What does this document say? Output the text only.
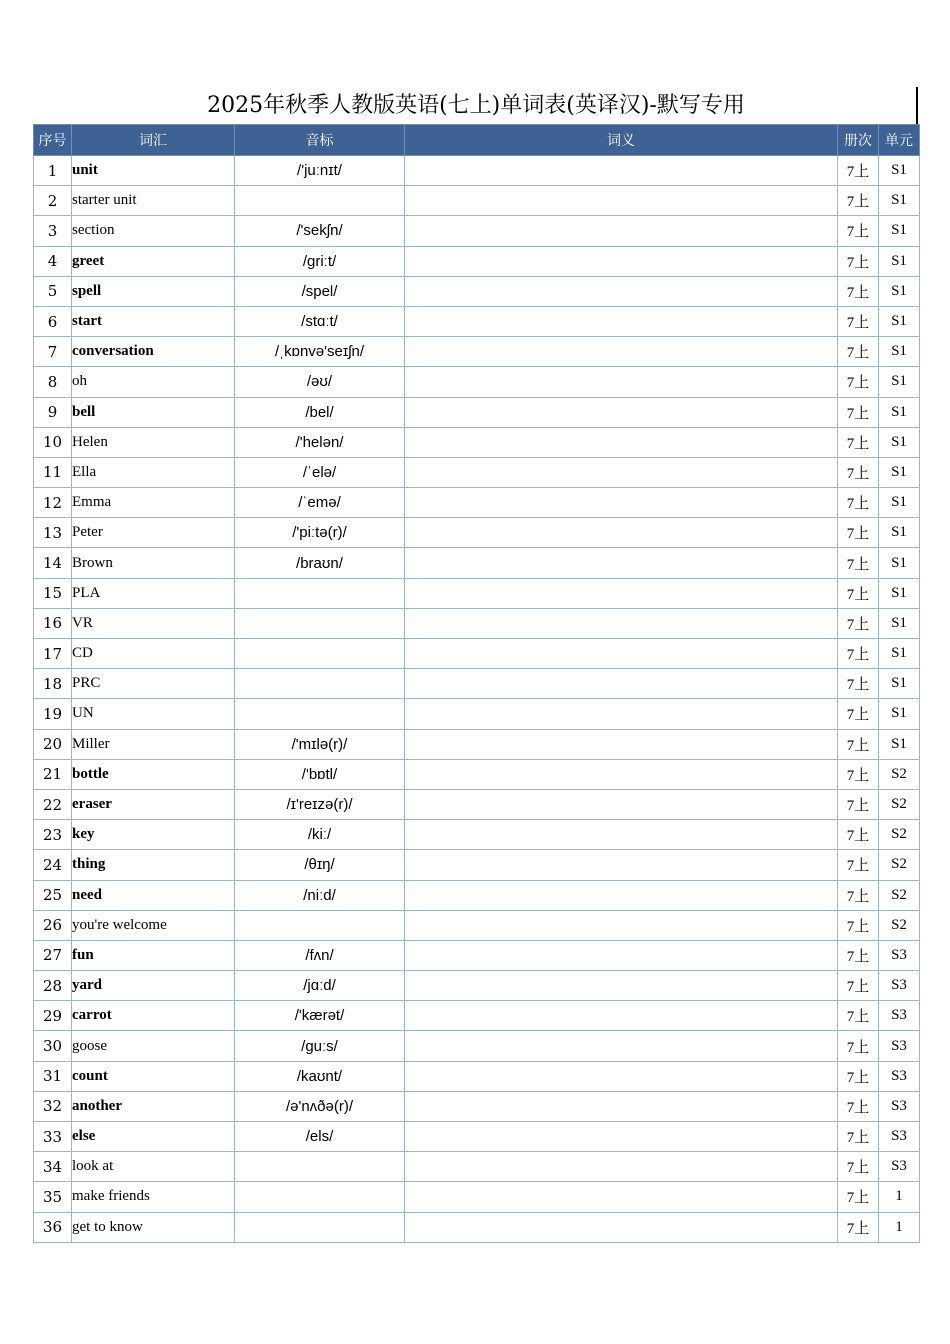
2025年秋季人教版英语(七上)单词表(英译汉)-默写专用
序号	词汇	音标	词义	册次	单元
1	unit	/'juːnɪt/		7上	S1
2	starter unit			7上	S1
3	section	/'sekʃn/		7上	S1
4	greet	/griːt/		7上	S1
5	spell	/spel/		7上	S1
6	start	/stɑːt/		7上	S1
7	conversation	/ˌkɒnvə'seɪʃn/		7上	S1
8	oh	/əʊ/		7上	S1
9	bell	/bel/		7上	S1
10	Helen	/'helən/		7上	S1
11	Ella	/ˈelə/		7上	S1
12	Emma	/ˈemə/		7上	S1
13	Peter	/'piːtə(r)/		7上	S1
14	Brown	/braʊn/		7上	S1
15	PLA			7上	S1
16	VR			7上	S1
17	CD			7上	S1
18	PRC			7上	S1
19	UN			7上	S1
20	Miller	/'mɪlə(r)/		7上	S1
21	bottle	/'bɒtl/		7上	S2
22	eraser	/ɪ'reɪzə(r)/		7上	S2
23	key	/kiː/		7上	S2
24	thing	/θɪŋ/		7上	S2
25	need	/niːd/		7上	S2
26	you're welcome			7上	S2
27	fun	/fʌn/		7上	S3
28	yard	/jɑːd/		7上	S3
29	carrot	/'kærət/		7上	S3
30	goose	/guːs/		7上	S3
31	count	/kaʊnt/		7上	S3
32	another	/ə'nʌðə(r)/		7上	S3
33	else	/els/		7上	S3
34	look at			7上	S3
35	make friends			7上	1
36	get to know			7上	1
